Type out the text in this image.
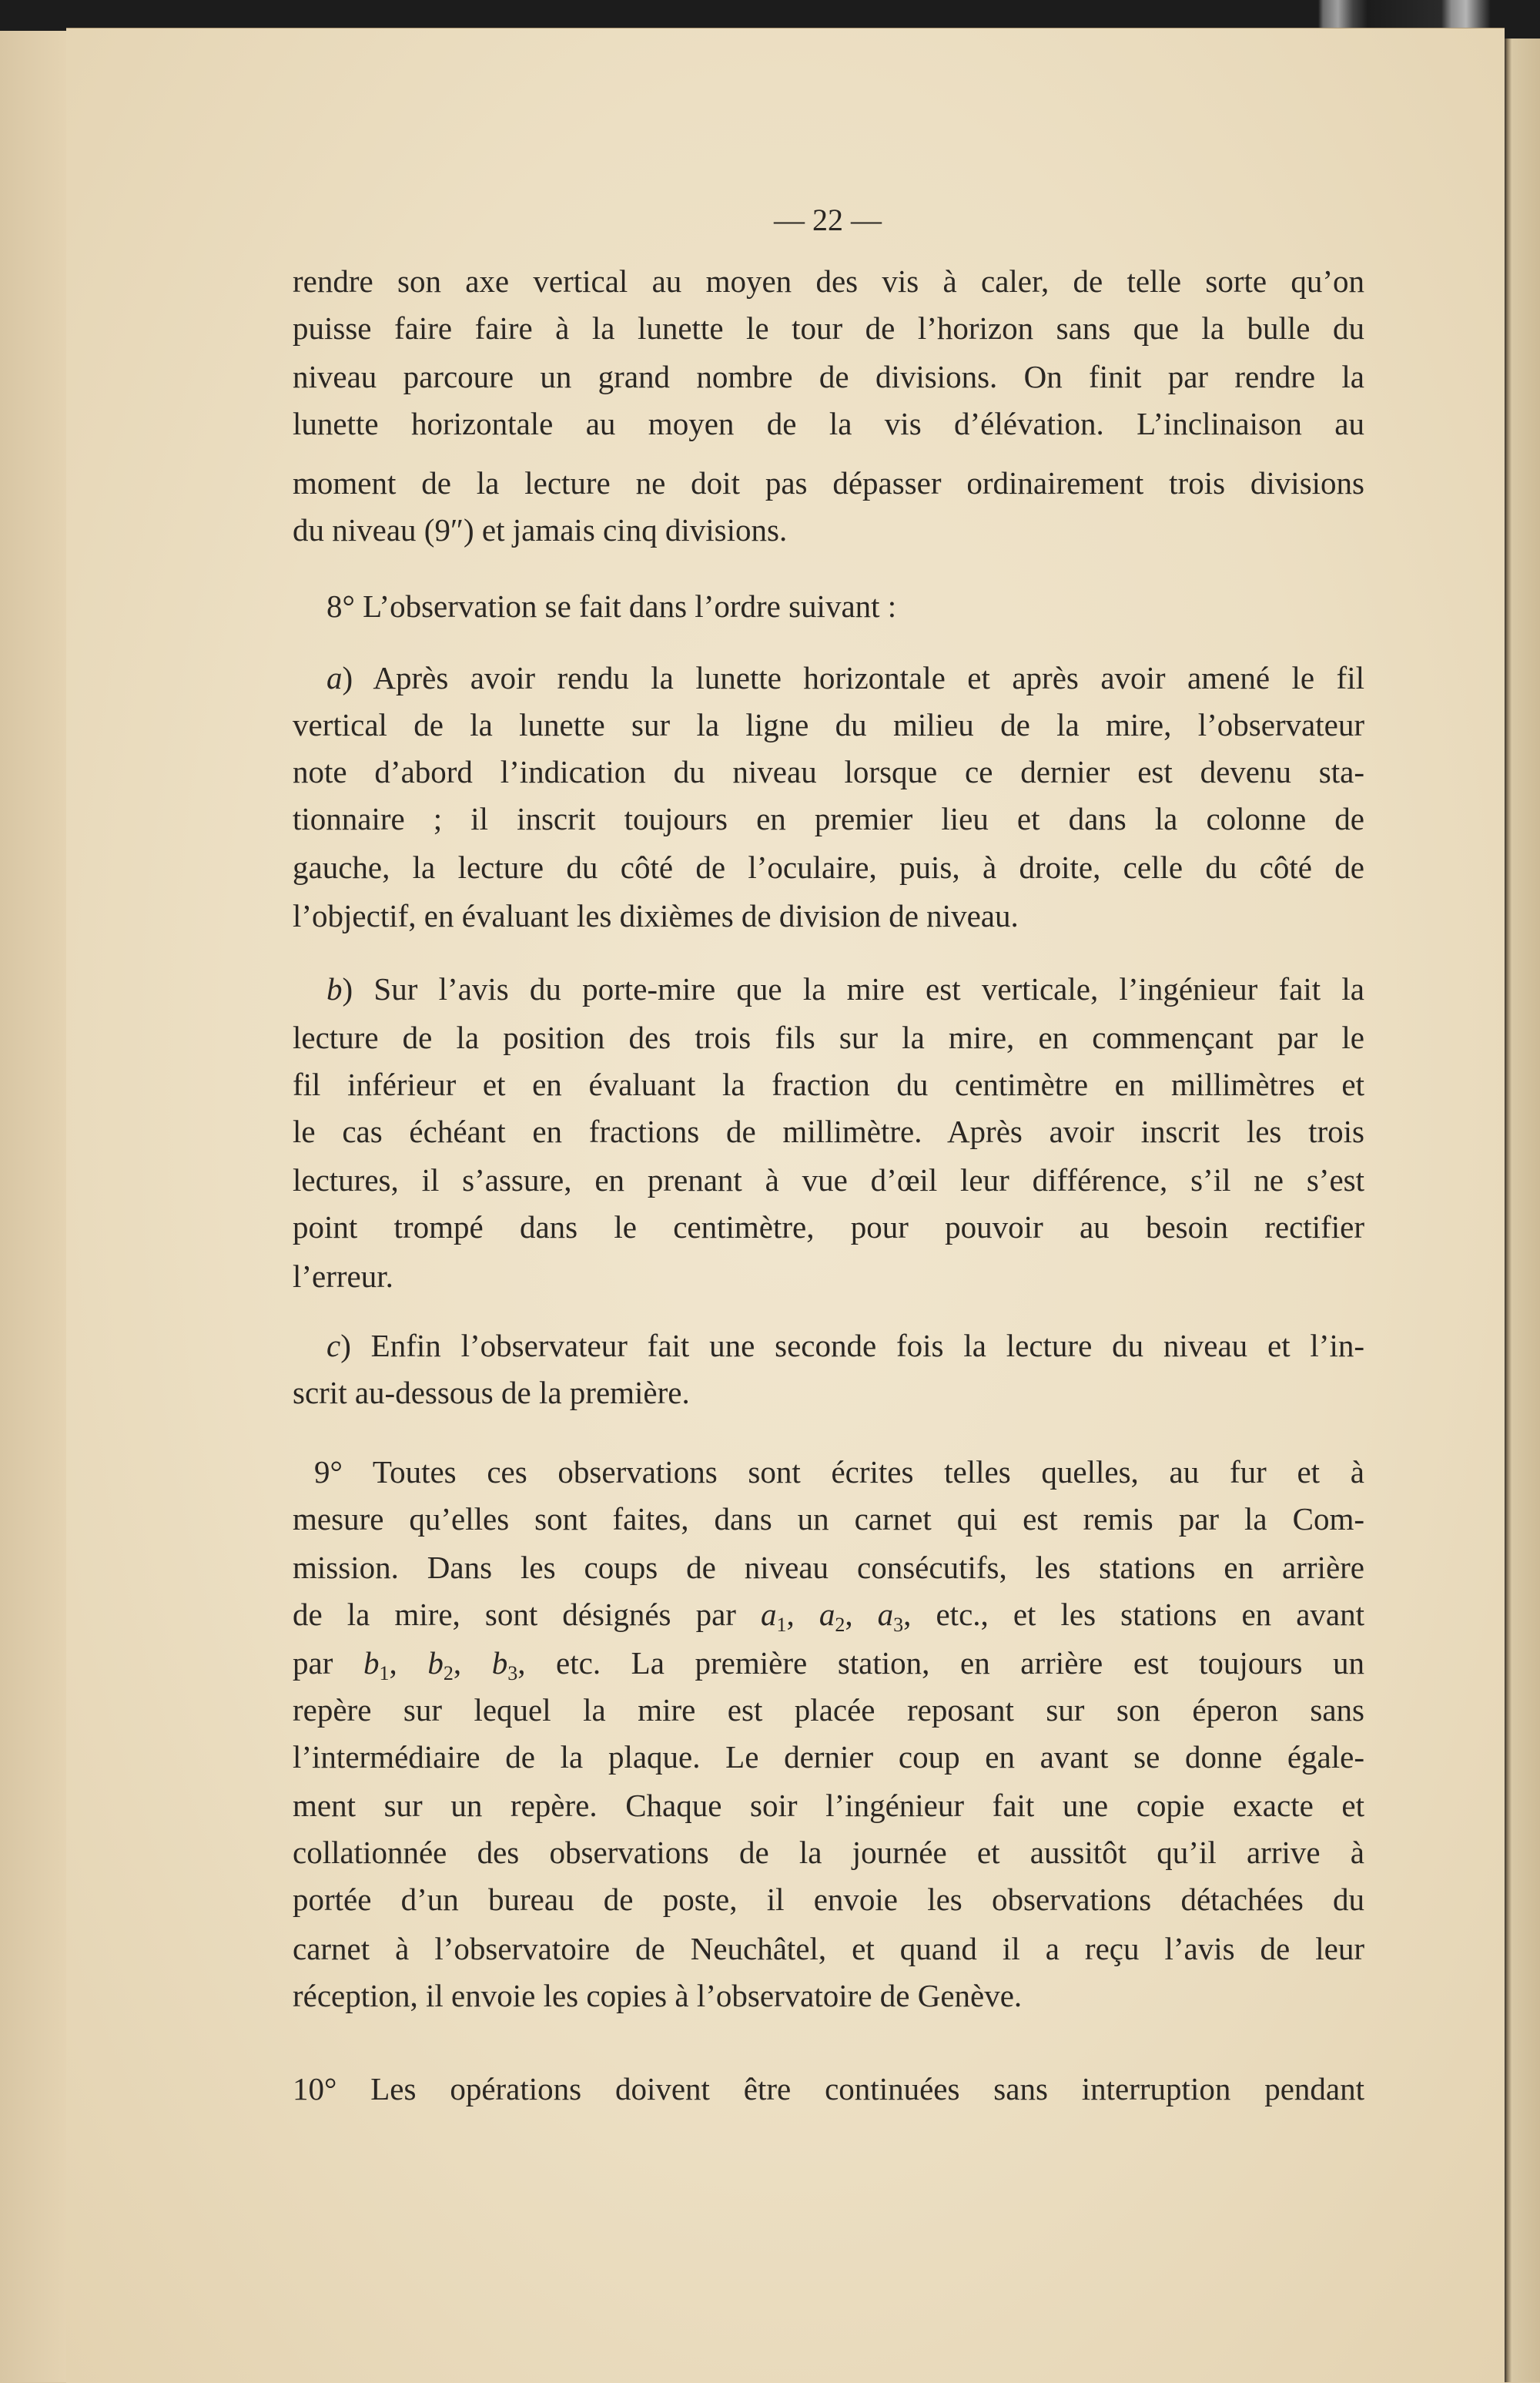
— 22 —
rendre son axe vertical au moyen des vis à caler, de telle sorte qu’on
puisse faire faire à la lunette le tour de l’horizon sans que la bulle du
niveau parcoure un grand nombre de divisions. On finit par rendre la
lunette horizontale au moyen de la vis d’élévation. L’inclinaison au
moment de la lecture ne doit pas dépasser ordinairement trois divisions
du niveau (9″) et jamais cinq divisions.
8° L’observation se fait dans l’ordre suivant :
a) Après avoir rendu la lunette horizontale et après avoir amené le fil
vertical de la lunette sur la ligne du milieu de la mire, l’observateur
note d’abord l’indication du niveau lorsque ce dernier est devenu sta-
tionnaire ; il inscrit toujours en premier lieu et dans la colonne de
gauche, la lecture du côté de l’oculaire, puis, à droite, celle du côté de
l’objectif, en évaluant les dixièmes de division de niveau.
b) Sur l’avis du porte-mire que la mire est verticale, l’ingénieur fait la
lecture de la position des trois fils sur la mire, en commençant par le
fil inférieur et en évaluant la fraction du centimètre en millimètres et
le cas échéant en fractions de millimètre. Après avoir inscrit les trois
lectures, il s’assure, en prenant à vue d’œil leur différence, s’il ne s’est
point trompé dans le centimètre, pour pouvoir au besoin rectifier
l’erreur.
c) Enfin l’observateur fait une seconde fois la lecture du niveau et l’in-
scrit au-dessous de la première.
9° Toutes ces observations sont écrites telles quelles, au fur et à
mesure qu’elles sont faites, dans un carnet qui est remis par la Com-
mission. Dans les coups de niveau consécutifs, les stations en arrière
de la mire, sont désignés par $a_1$, $a_2$, $a_3$, etc., et les stations en avant
par $b_1$, $b_2$, $b_3$, etc. La première station, en arrière est toujours un
repère sur lequel la mire est placée reposant sur son éperon sans
l’intermédiaire de la plaque. Le dernier coup en avant se donne égale-
ment sur un repère. Chaque soir l’ingénieur fait une copie exacte et
collationnée des observations de la journée et aussitôt qu’il arrive à
portée d’un bureau de poste, il envoie les observations détachées du
carnet à l’observatoire de Neuchâtel, et quand il a reçu l’avis de leur
réception, il envoie les copies à l’observatoire de Genève.
10° Les opérations doivent être continuées sans interruption pendant
